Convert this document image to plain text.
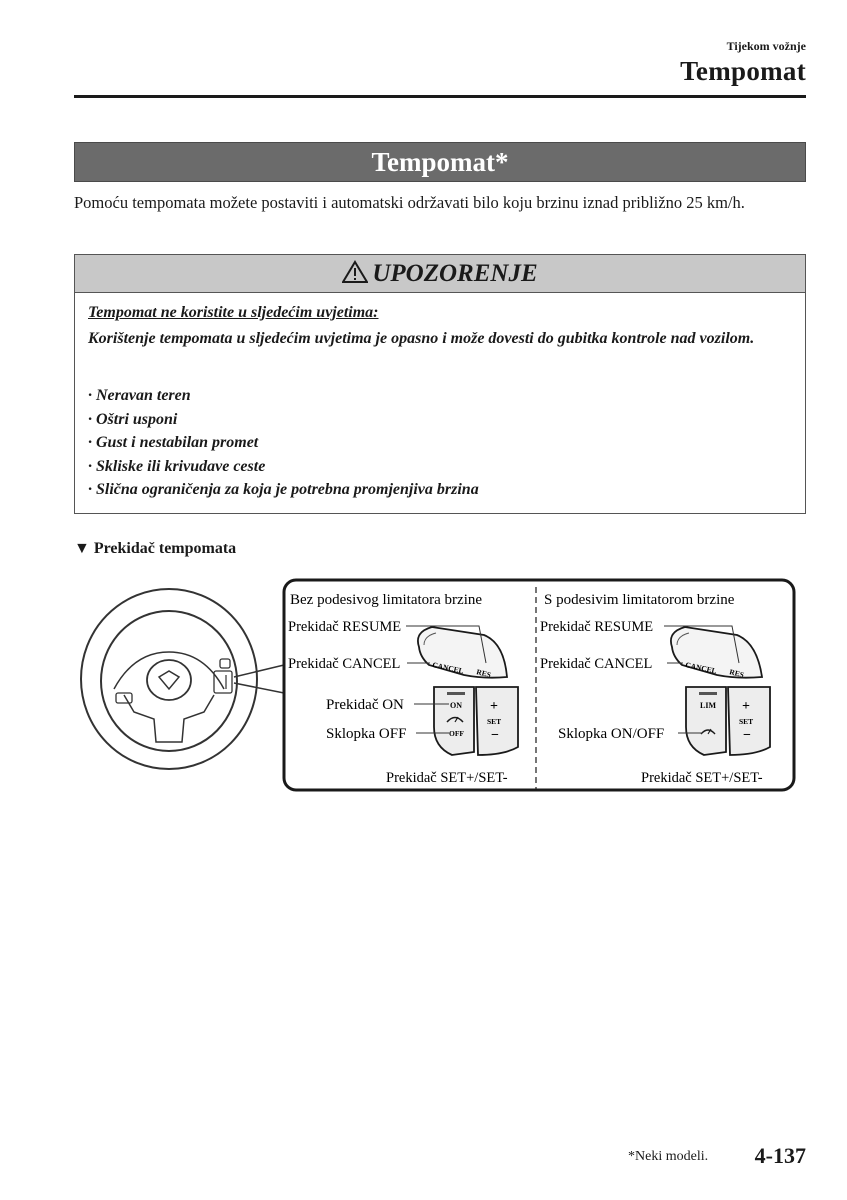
Tijekom vožnje
Tempomat
Tempomat*
Pomoću tempomata možete postaviti i automatski održavati bilo koju brzinu iznad približno 25 km/h.
UPOZORENJE
Tempomat ne koristite u sljedećim uvjetima:
Korištenje tempomata u sljedećim uvjetima je opasno i može dovesti do gubitka kontrole nad vozilom.
· Neravan teren
· Oštri usponi
· Gust i nestabilan promet
· Skliske ili krivudave ceste
· Slična ograničenja za koja je potrebna promjenjiva brzina
▼ Prekidač tempomata
Bez podesivog limitatora brzine
Prekidač RESUME
Prekidač CANCEL
Prekidač ON
Sklopka OFF
Prekidač SET+/SET-
CANCEL RES
ON
OFF
+
SET
−
S podesivim limitatorom brzine
Prekidač RESUME
Prekidač CANCEL
Sklopka ON/OFF
Prekidač SET+/SET-
CANCEL RES
LIM +
SET
−
*Neki modeli. 4-137
